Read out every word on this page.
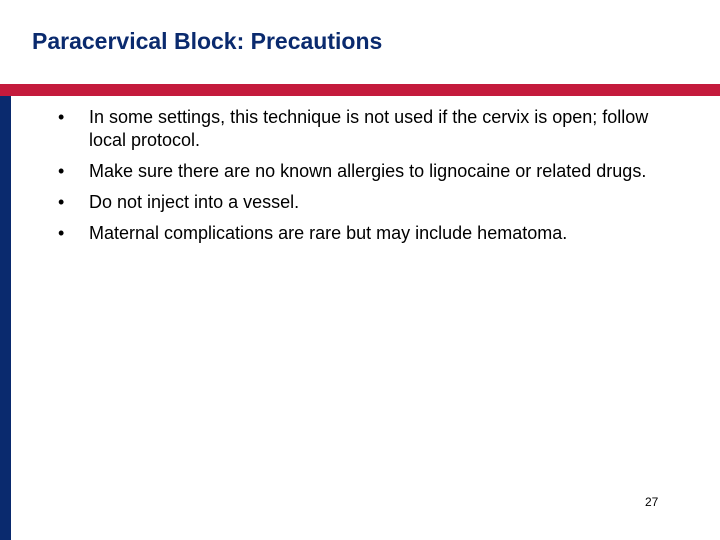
Paracervical Block: Precautions
• In some settings, this technique is not used if the cervix is open; follow local protocol.
• Make sure there are no known allergies to lignocaine or related drugs.
• Do not inject into a vessel.
• Maternal complications are rare but may include hematoma.
27
